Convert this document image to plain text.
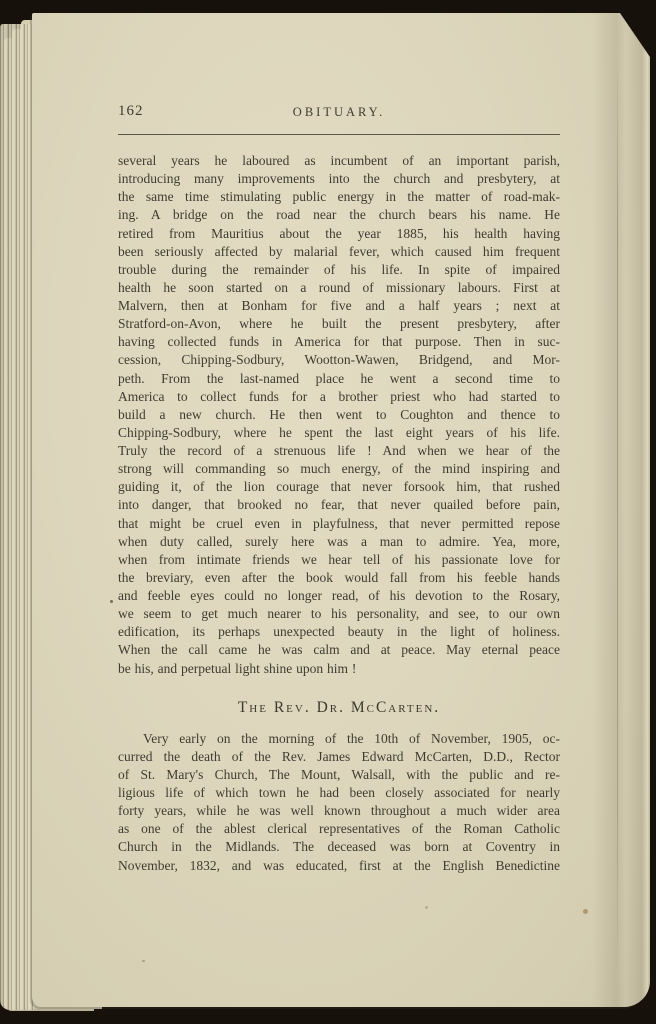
162	OBITUARY.
several years he laboured as incumbent of an important parish,
introducing many improvements into the church and presbytery, at
the same time stimulating public energy in the matter of road-mak-
ing. A bridge on the road near the church bears his name. He
retired from Mauritius about the year 1885, his health having
been seriously affected by malarial fever, which caused him frequent
trouble during the remainder of his life. In spite of impaired
health he soon started on a round of missionary labours. First at
Malvern, then at Bonham for five and a half years ; next at
Stratford-on-Avon, where he built the present presbytery, after
having collected funds in America for that purpose. Then in suc-
cession, Chipping-Sodbury, Wootton-Wawen, Bridgend, and Mor-
peth. From the last-named place he went a second time to
America to collect funds for a brother priest who had started to
build a new church. He then went to Coughton and thence to
Chipping-Sodbury, where he spent the last eight years of his life.
Truly the record of a strenuous life ! And when we hear of the
strong will commanding so much energy, of the mind inspiring and
guiding it, of the lion courage that never forsook him, that rushed
into danger, that brooked no fear, that never quailed before pain,
that might be cruel even in playfulness, that never permitted repose
when duty called, surely here was a man to admire. Yea, more,
when from intimate friends we hear tell of his passionate love for
the breviary, even after the book would fall from his feeble hands
and feeble eyes could no longer read, of his devotion to the Rosary,
we seem to get much nearer to his personality, and see, to our own
edification, its perhaps unexpected beauty in the light of holiness.
When the call came he was calm and at peace. May eternal peace
be his, and perpetual light shine upon him !
The Rev. Dr. McCarten.
Very early on the morning of the 10th of November, 1905, oc-
curred the death of the Rev. James Edward McCarten, D.D., Rector
of St. Mary's Church, The Mount, Walsall, with the public and re-
ligious life of which town he had been closely associated for nearly
forty years, while he was well known throughout a much wider area
as one of the ablest clerical representatives of the Roman Catholic
Church in the Midlands. The deceased was born at Coventry in
November, 1832, and was educated, first at the English Benedictine
